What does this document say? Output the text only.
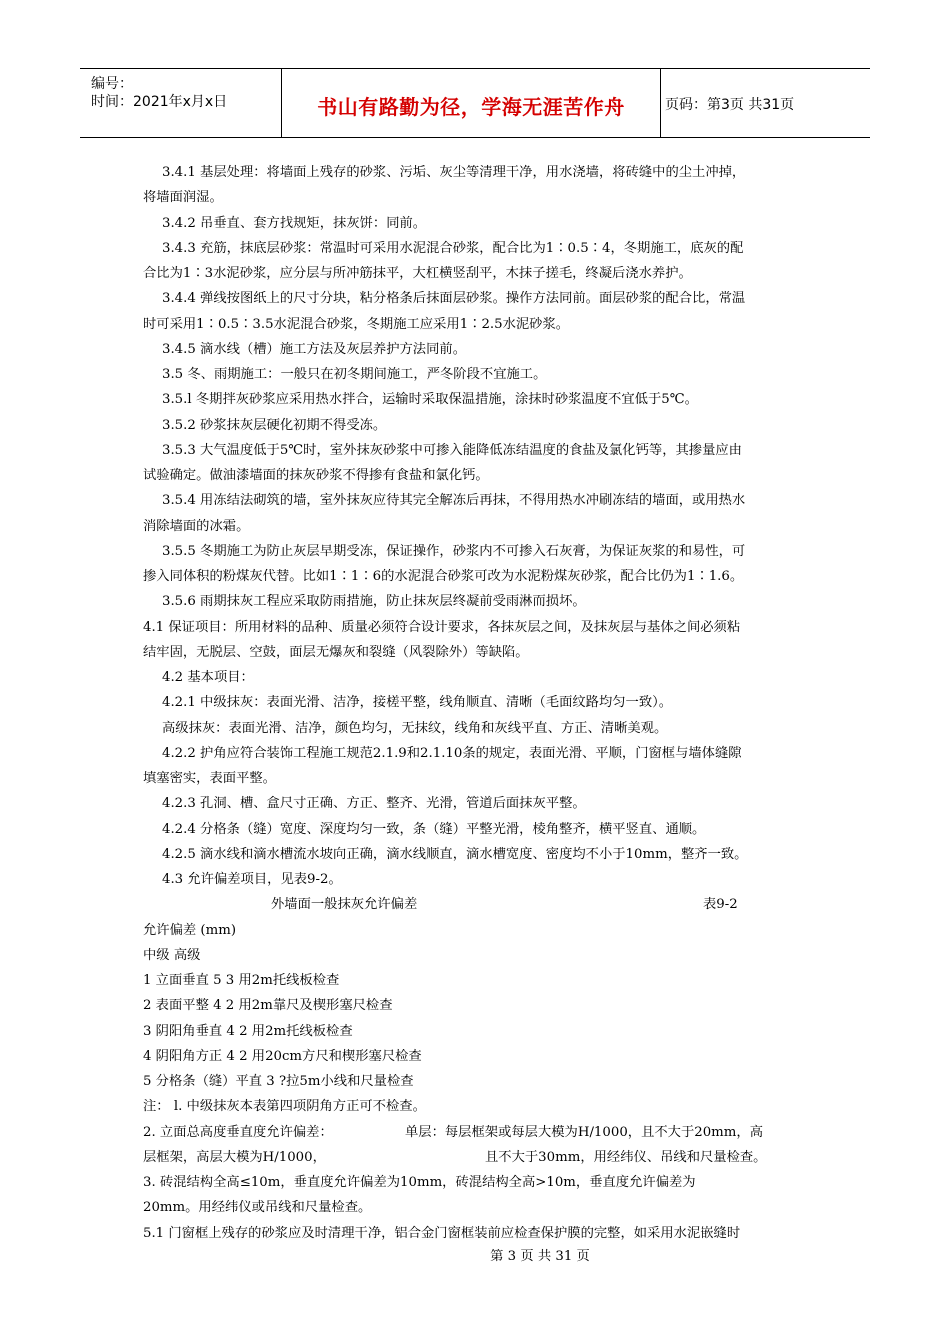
编号：
时间：2021年x月x日	书山有路勤为径，学海无涯苦作舟	页码：第3页 共31页
3.4.1 基层处理：将墙面上残存的砂浆、污垢、灰尘等清理干净，用水浇墙，将砖缝中的尘土冲掉，
将墙面润湿。
3.4.2 吊垂直、套方找规矩，抹灰饼：同前。
3.4.3 充筋，抹底层砂浆：常温时可采用水泥混合砂浆，配合比为1∶0.5∶4，冬期施工，底灰的配
合比为1∶3水泥砂浆，应分层与所冲筋抹平，大杠横竖刮平，木抹子搓毛，终凝后浇水养护。
3.4.4 弹线按图纸上的尺寸分块，粘分格条后抹面层砂浆。操作方法同前。面层砂浆的配合比，常温
时可采用1∶0.5∶3.5水泥混合砂浆，冬期施工应采用1∶2.5水泥砂浆。
3.4.5 滴水线（槽）施工方法及灰层养护方法同前。
3.5 冬、雨期施工：一般只在初冬期间施工，严冬阶段不宜施工。
3.5.l 冬期拌灰砂浆应采用热水拌合，运输时采取保温措施，涂抹时砂浆温度不宜低于5℃。
3.5.2 砂浆抹灰层硬化初期不得受冻。
3.5.3 大气温度低于5℃时，室外抹灰砂浆中可掺入能降低冻结温度的食盐及氯化钙等，其掺量应由
试验确定。做油漆墙面的抹灰砂浆不得掺有食盐和氯化钙。
3.5.4 用冻结法砌筑的墙，室外抹灰应待其完全解冻后再抹，不得用热水冲刷冻结的墙面，或用热水
消除墙面的冰霜。
3.5.5 冬期施工为防止灰层早期受冻，保证操作，砂浆内不可掺入石灰膏，为保证灰浆的和易性，可
掺入同体积的粉煤灰代替。比如1∶1∶6的水泥混合砂浆可改为水泥粉煤灰砂浆，配合比仍为1∶1.6。
3.5.6 雨期抹灰工程应采取防雨措施，防止抹灰层终凝前受雨淋而损坏。
4.1 保证项目：所用材料的品种、质量必须符合设计要求，各抹灰层之间，及抹灰层与基体之间必须粘
结牢固，无脱层、空鼓，面层无爆灰和裂缝（风裂除外）等缺陷。
4.2 基本项目：
4.2.1 中级抹灰：表面光滑、洁净，接槎平整，线角顺直、清晰（毛面纹路均匀一致）。
高级抹灰：表面光滑、洁净，颜色均匀，无抹纹，线角和灰线平直、方正、清晰美观。
4.2.2 护角应符合装饰工程施工规范2.1.9和2.1.10条的规定，表面光滑、平顺，门窗框与墙体缝隙
填塞密实，表面平整。
4.2.3 孔洞、槽、盒尺寸正确、方正、整齐、光滑，管道后面抹灰平整。
4.2.4 分格条（缝）宽度、深度均匀一致，条（缝）平整光滑，棱角整齐，横平竖直、通顺。
4.2.5 滴水线和滴水槽流水坡向正确，滴水线顺直，滴水槽宽度、密度均不小于10mm，整齐一致。
4.3 允许偏差项目，见表9-2。
外墙面一般抹灰允许偏差	表9-2
允许偏差 (mm)
中级 高级
1 立面垂直 5 3 用2m托线板检查
2 表面平整 4 2 用2m靠尺及楔形塞尺检查
3 阴阳角垂直 4 2 用2m托线板检查
4 阴阳角方正 4 2 用20cm方尺和楔形塞尺检查
5 分格条（缝）平直 3 ?拉5m小线和尺量检查
注： l. 中级抹灰本表第四项阴角方正可不检查。
2. 立面总高度垂直度允许偏差：	单层：每层框架或每层大模为H/1000，且不大于20mm，高
层框架，高层大模为H/1000，	且不大于30mm，用经纬仪、吊线和尺量检查。
3. 砖混结构全高≤10m，垂直度允许偏差为10mm，砖混结构全高>10m，垂直度允许偏差为
20mm。用经纬仪或吊线和尺量检查。
5.1 门窗框上残存的砂浆应及时清理干净，铝合金门窗框装前应检查保护膜的完整，如采用水泥嵌缝时
第 3 页 共 31 页
